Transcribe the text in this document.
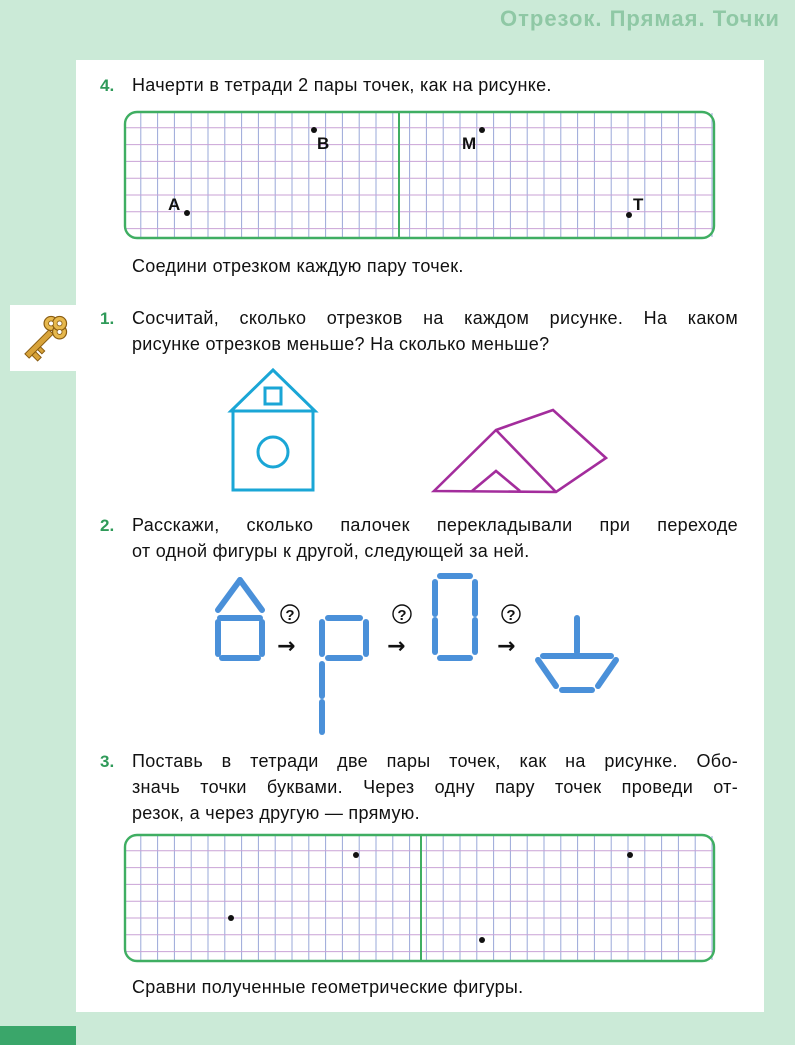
Отрезок. Прямая. Точки
4. Начерти в тетради 2 пары точек, как на рисунке.
B	M
A	T
Соедини отрезком каждую пару точек.
1. Сосчитай, сколько отрезков на каждом рисунке. На каком
рисунке отрезков меньше? На сколько меньше?
2. Расскажи, сколько палочек перекладывали при переходе
от одной фигуры к другой, следующей за ней.
?
→
?
→
?
→
3. Поставь в тетради две пары точек, как на рисунке. Обо-
значь точки буквами. Через одну пару точек проведи от-
резок, а через другую — прямую.
Сравни полученные геометрические фигуры.
